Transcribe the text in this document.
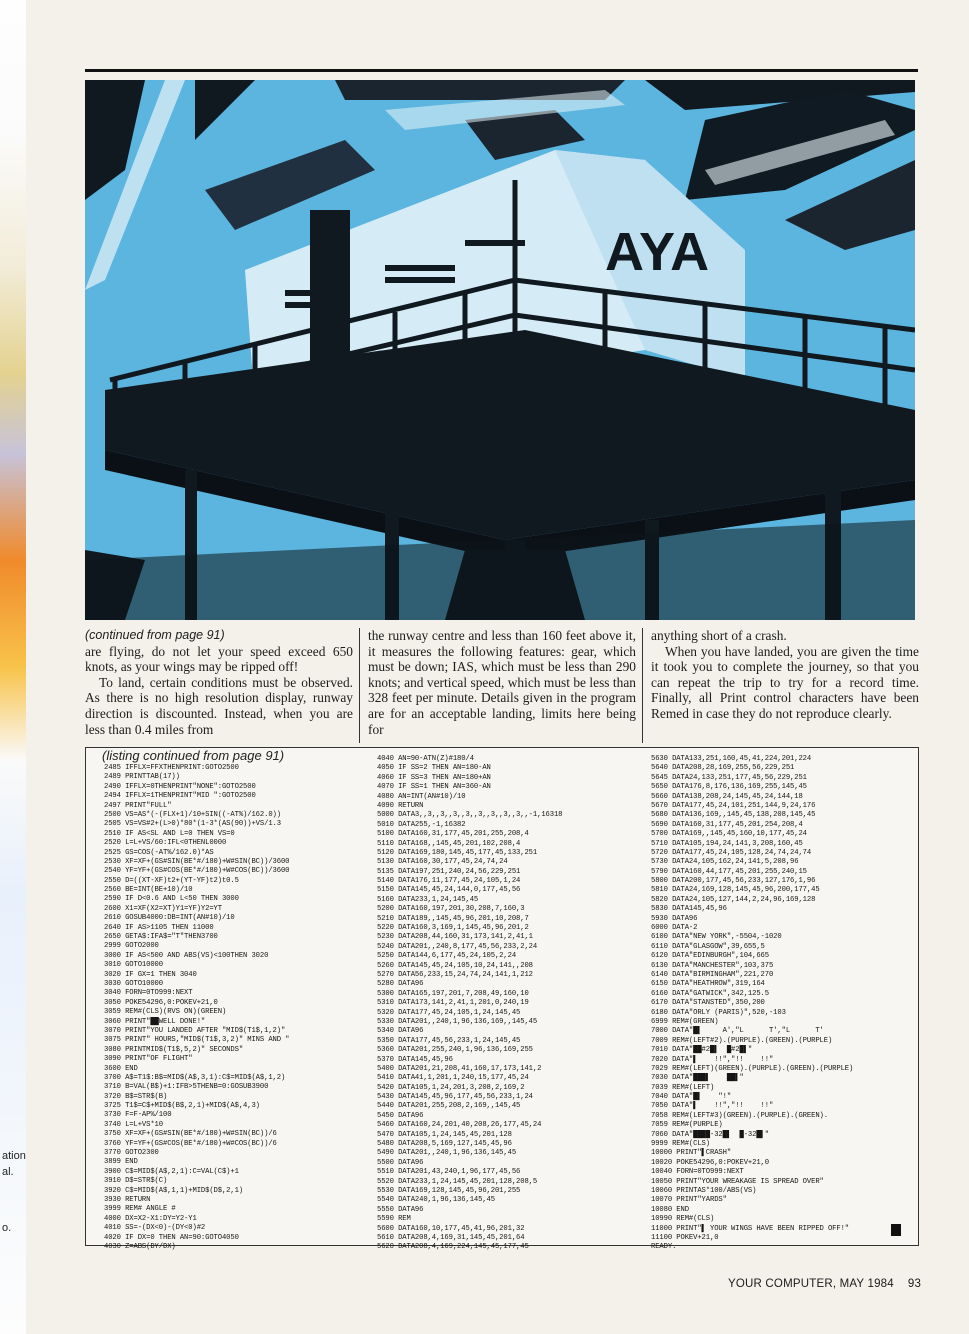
ation
al.
o.
AYA

(continued from page 91)

are flying, do not let your speed exceed 650 knots, as your wings may be ripped off!

To land, certain conditions must be observed. As there is no high resolution display, runway direction is discounted. Instead, when you are less than 0.4 miles from

the runway centre and less than 160 feet above it, it measures the following features: gear, which must be down; IAS, which must be less than 290 knots; and vertical speed, which must be less than 328 feet per minute. Details given in the program are for an acceptable landing, limits here being for

anything short of a crash.

When you have landed, you are given the time it took you to complete the journey, so that you can repeat the trip to try for a record time. Finally, all Print control characters have been Remed in case they do not reproduce clearly.

(listing continued from page 91)
2485 IFFLX=FFXTHENPRINT:GOTO2500
2489 PRINTTAB(17))
2490 IFFLX=0THENPRINT"NONE":GOTO2500
2494 IFFLX=1THENPRINT"MID ":GOTO2500
2497 PRINT"FULL"
2500 VS=AS*(-(FLX+1)/10+SIN((-AT%)/162.0))
2505 VS=VS#2+(L>0)*80*(1-3*(AS(90))+VS/1.3
2510 IF AS<SL AND L=0 THEN VS=0
2520 L=L+VS/60:IFL<0THENL0000
2525 GS=COS(-AT%/162.0)*AS
2530 XF=XF+(GS#SIN(BE*#/180)+W#SIN(BC))/3600
2540 YF=YF+(GS#COS(BE*#/180)+W#COS(BC))/3600
2550 D=((XT-XF)t2+(YT-YF)t2)t0.5
2560 BE=INT(BE+10)/10
2590 IF D<0.6 AND L<50 THEN 3000
2600 X1=XF(X2=XT)Y1=YF)Y2=YT
2610 GOSUB4000:DB=INT(AN#10)/10
2640 IF AS>1105 THEN 11000
2650 GETA$:IFA$="T"THEN3700
2999 GOTO2000
3000 IF AS<500 AND ABS(VS)<100THEN 3020
3010 GOTO10000
3020 IF GX=1 THEN 3040
3030 GOTO10000
3040 FORN=0TO999:NEXT
3050 POKE54296,0:POKEV+21,0
3059 REM#(CLS)(RVS ON)(GREEN)
3060 PRINT"██WELL DONE!"
3070 PRINT"YOU LANDED AFTER "MID$(T1$,1,2)"
3075 PRINT" HOURS,"MID$(T1$,3,2)" MINS AND "
3080 PRINTMID$(T1$,5,2)" SECONDS"
3090 PRINT"OF FLIGHT"
3600 END
3700 A$=T1$:B$=MID$(A$,3,1):C$=MID$(A$,1,2)
3710 B=VAL(B$)+1:IFB>5THENB=0:GOSUB3900
3720 B$=STR$(B)
3725 T1$=C$+MID$(B$,2,1)+MID$(A$,4,3)
3730 F=F-AP%/100
3740 L=L+VS*10
3750 XF=XF+(GS#SIN(BE*#/180)+W#SIN(BC))/6
3760 YF=YF+(GS#COS(BE*#/180)+W#COS(BC))/6
3770 GOTO2300
3899 END
3900 C$=MID$(A$,2,1):C=VAL(C$)+1
3910 D$=STR$(C)
3920 C$=MID$(A$,1,1)+MID$(D$,2,1)
3930 RETURN
3999 REM# ANGLE #
4000 DX=X2-X1:DY=Y2-Y1
4010 SS=-(DX<0)-(DY<0)#2
4020 IF DX=0 THEN AN=90:GOTO4050
4030 Z=ABS(DY/DX)
4040 AN=90-ATN(Z)#180/4
4050 IF SS=2 THEN AN=180-AN
4060 IF SS=3 THEN AN=180+AN
4070 IF SS=1 THEN AN=360-AN
4080 AN=INT(AN#10)/10
4090 RETURN
5000 DATA3,,3,,3,,3,,3,,3,,3,,3,,3,,-1,16318
5010 DATA255,-1,16382
5100 DATA160,31,177,45,201,255,208,4
5110 DATA168,,145,45,201,102,208,4
5120 DATA169,180,145,45,177,45,133,251
5130 DATA160,30,177,45,24,74,24
5135 DATA197,251,240,24,56,229,251
5140 DATA176,11,177,45,24,105,1,24
5150 DATA145,45,24,144,0,177,45,56
5160 DATA233,1,24,145,45
5200 DATA160,197,201,30,208,7,160,3
5210 DATA189,,145,45,96,201,10,208,7
5220 DATA160,3,169,1,145,45,96,201,2
5230 DATA208,44,160,31,173,141,2,41,1
5240 DATA201,,240,8,177,45,56,233,2,24
5250 DATA144,6,177,45,24,105,2,24
5260 DATA145,45,24,105,10,24,141,,208
5270 DATA56,233,15,24,74,24,141,1,212
5280 DATA96
5300 DATA165,197,201,7,208,49,160,10
5310 DATA173,141,2,41,1,201,0,240,19
5320 DATA177,45,24,105,1,24,145,45
5330 DATA201,,240,1,96,136,169,,145,45
5340 DATA96
5350 DATA177,45,56,233,1,24,145,45
5360 DATA201,255,240,1,96,136,169,255
5370 DATA145,45,96
5400 DATA201,21,208,41,160,17,173,141,2
5410 DATA41,1,201,1,240,15,177,45,24
5420 DATA105,1,24,201,3,208,2,169,2
5430 DATA145,45,96,177,45,56,233,1,24
5440 DATA201,255,208,2,169,,145,45
5450 DATA96
5460 DATA160,24,201,40,208,26,177,45,24
5470 DATA105,1,24,145,45,201,128
5480 DATA208,5,169,127,145,45,96
5490 DATA201,,240,1,96,136,145,45
5500 DATA96
5510 DATA201,43,240,1,96,177,45,56
5520 DATA233,1,24,145,45,201,128,208,5
5530 DATA169,128,145,45,96,201,255
5540 DATA240,1,96,136,145,45
5550 DATA96
5590 REM
5600 DATA160,10,177,45,41,96,201,32
5610 DATA208,4,169,31,145,45,201,64
5620 DATA208,4,169,224,145,45,177,45
5630 DATA133,251,160,45,41,224,201,224
5640 DATA208,28,169,255,56,229,251
5645 DATA24,133,251,177,45,56,229,251
5650 DATA176,8,176,136,169,255,145,45
5660 DATA138,208,24,145,45,24,144,18
5670 DATA177,45,24,101,251,144,9,24,176
5680 DATA136,169,,145,45,138,208,145,45
5690 DATA160,31,177,45,201,254,208,4
5700 DATA169,,145,45,160,10,177,45,24
5710 DATA105,194,24,141,3,208,160,45
5720 DATA177,45,24,105,128,24,74,24,74
5730 DATA24,105,162,24,141,5,208,96
5790 DATA160,44,177,45,201,255,240,15
5800 DATA200,177,45,56,233,127,176,1,96
5810 DATA24,169,128,145,45,96,200,177,45
5820 DATA24,105,127,144,2,24,96,169,128
5830 DATA145,45,96
5930 DATA96
6000 DATA-2
6100 DATA"NEW YORK",-5504,-1020
6110 DATA"GLASGOW",39,655,5
6120 DATA"EDINBURGH",104,665
6130 DATA"MANCHESTER",103,375
6140 DATA"BIRMINGHAM",221,270
6150 DATA"HEATHROW",319,164
6160 DATA"GATWICK",342,125.5
6170 DATA"STANSTED",350,200
6180 DATA"ORLY (PARIS)",520,-103
6999 REM#(GREEN)
7000 DATA"█▌     A',"L      T',"L      T'
7009 REM#(LEFT#2).(PURPLE).(GREEN).(PURPLE)
7010 DATA"██#2█▌  █#2█▌"
7020 DATA"▌    !!","!!    !!"
7029 REM#(LEFT)(GREEN).(PURPLE).(GREEN).(PURPLE)
7030 DATA"███▌    ██▌"
7039 REM#(LEFT)
7040 DATA"█▌    "!"
7050 DATA"▌    !!","!!    !!"
7058 REM#(LEFT#3)(GREEN).(PURPLE).(GREEN).
7059 REM#(PURPLE)
7060 DATA"████-32█▌  █-32█▌"
9999 REM#(CLS)
10000 PRINT"▌CRASH"
10020 POKE54296,0:POKEV+21,0
10040 FORN=0TO999:NEXT
10050 PRINT"YOUR WREAKAGE IS SPREAD OVER"
10060 PRINTAS*100/ABS(VS)
10070 PRINT"YARDS"
10080 END
10990 REM#(CLS)
11000 PRINT"▌ YOUR WINGS HAVE BEEN RIPPED OFF!"
11100 POKEV+21,0
READY.
YOUR COMPUTER, MAY 1984 93
